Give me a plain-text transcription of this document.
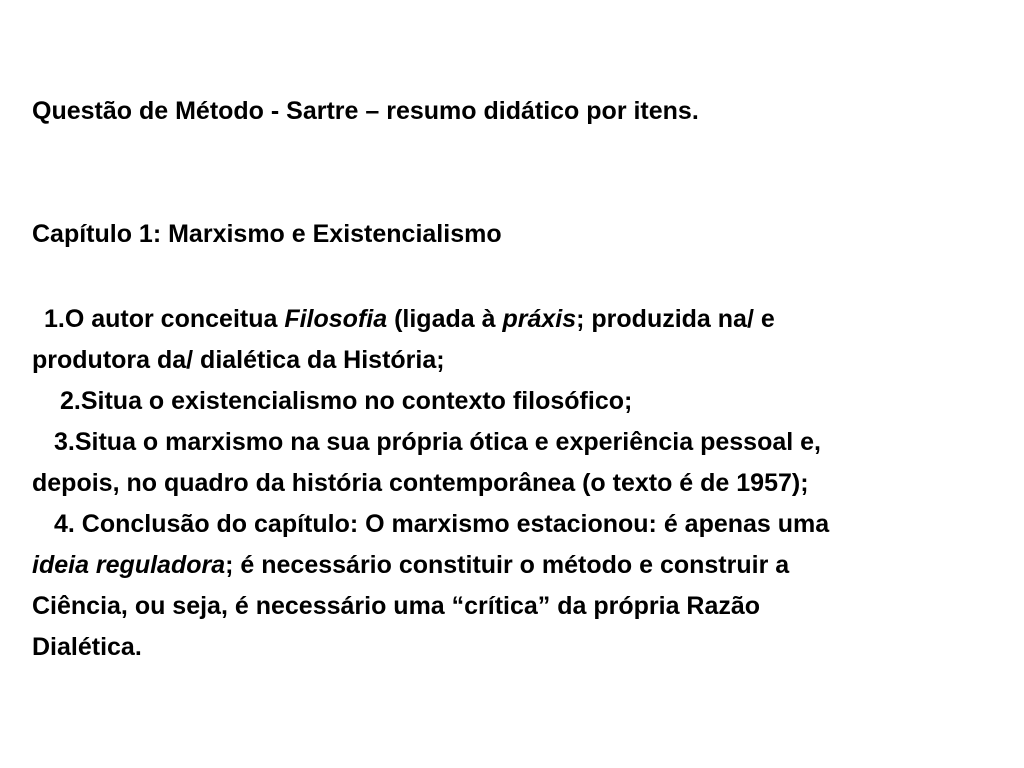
Questão de Método - Sartre – resumo didático por itens.
Capítulo 1: Marxismo e Existencialismo
1.O autor conceitua Filosofia (ligada à práxis; produzida na/ e
produtora da/ dialética da História;
2.Situa o existencialismo no contexto filosófico;
3.Situa o marxismo na sua própria ótica e experiência pessoal e,
depois, no quadro da história contemporânea (o texto é de 1957);
4. Conclusão do capítulo: O marxismo estacionou: é apenas uma
ideia reguladora; é necessário constituir o método e construir a
Ciência, ou seja, é necessário uma “crítica” da própria Razão
Dialética.
